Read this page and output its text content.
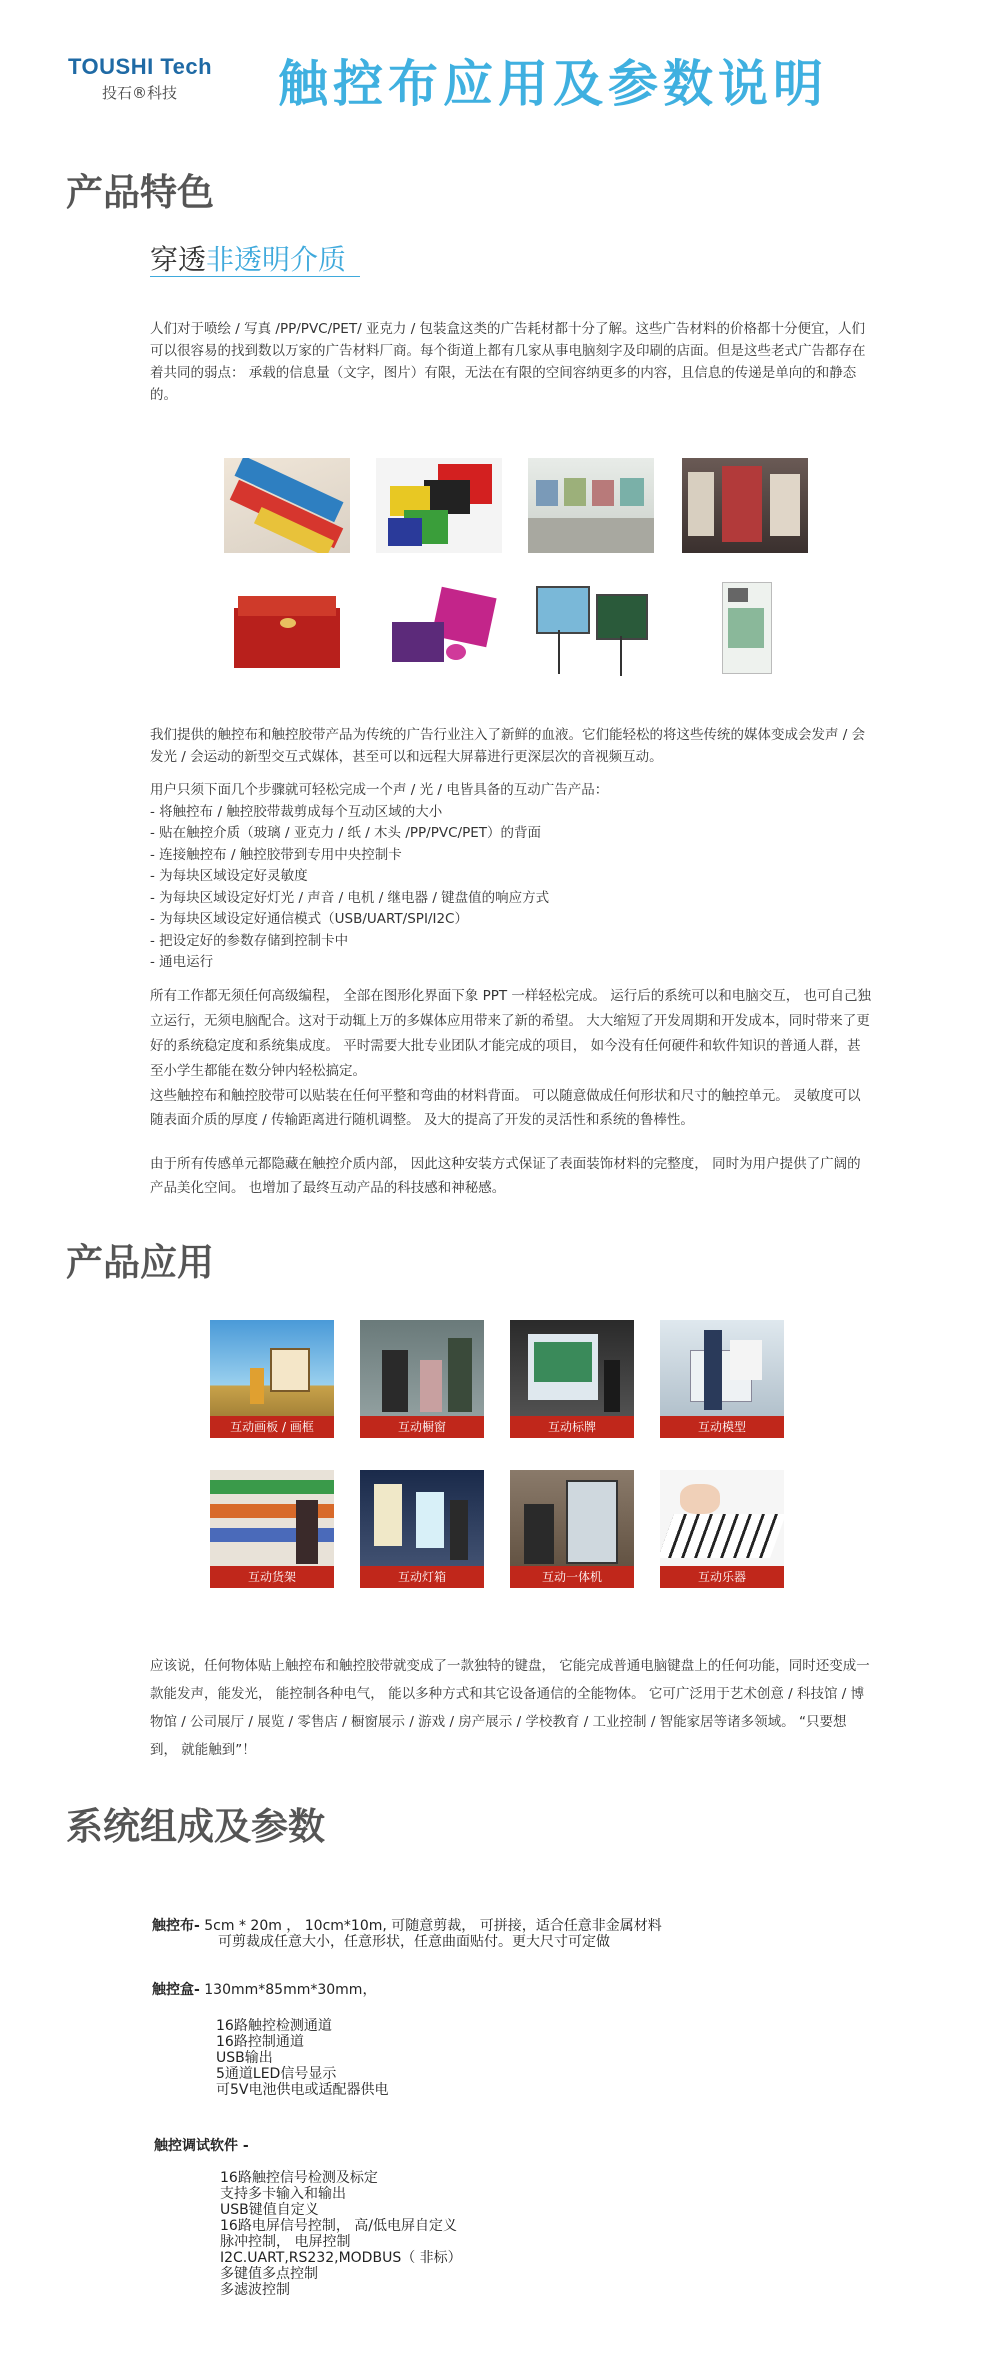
TOUSHI Tech
投石®科技 触控布应用及参数说明
产品特色
穿透非透明介质
人们对于喷绘 / 写真 /PP/PVC/PET/ 亚克力 / 包装盒这类的广告耗材都十分了解。这些广告材料的价格都十分便宜，人们可以很容易的找到数以万家的广告材料厂商。每个街道上都有几家从事电脑刻字及印刷的店面。但是这些老式广告都存在着共同的弱点： 承载的信息量（文字，图片）有限，无法在有限的空间容纳更多的内容，且信息的传递是单向的和静态的。
我们提供的触控布和触控胶带产品为传统的广告行业注入了新鲜的血液。它们能轻松的将这些传统的媒体变成会发声 / 会发光 / 会运动的新型交互式媒体，甚至可以和远程大屏幕进行更深层次的音视频互动。
用户只须下面几个步骤就可轻松完成一个声 / 光 / 电皆具备的互动广告产品：
- 将触控布 / 触控胶带裁剪成每个互动区域的大小
- 贴在触控介质（玻璃 / 亚克力 / 纸 / 木头 /PP/PVC/PET）的背面
- 连接触控布 / 触控胶带到专用中央控制卡
- 为每块区域设定好灵敏度
- 为每块区域设定好灯光 / 声音 / 电机 / 继电器 / 键盘值的响应方式
- 为每块区域设定好通信模式（USB/UART/SPI/I2C）
- 把设定好的参数存储到控制卡中
- 通电运行
所有工作都无须任何高级编程， 全部在图形化界面下象 PPT 一样轻松完成。 运行后的系统可以和电脑交互， 也可自己独立运行，无须电脑配合。这对于动辄上万的多媒体应用带来了新的希望。 大大缩短了开发周期和开发成本，同时带来了更好的系统稳定度和系统集成度。 平时需要大批专业团队才能完成的项目， 如今没有任何硬件和软件知识的普通人群，甚至小学生都能在数分钟内轻松搞定。
这些触控布和触控胶带可以贴装在任何平整和弯曲的材料背面。 可以随意做成任何形状和尺寸的触控单元。 灵敏度可以随表面介质的厚度 / 传输距离进行随机调整。 及大的提高了开发的灵活性和系统的鲁棒性。
由于所有传感单元都隐藏在触控介质内部， 因此这种安装方式保证了表面装饰材料的完整度， 同时为用户提供了广阔的产品美化空间。 也增加了最终互动产品的科技感和神秘感。
产品应用
互动画板 / 画框	互动橱窗	互动标牌	互动模型
互动货架	互动灯箱	互动一体机	互动乐器
应该说，任何物体贴上触控布和触控胶带就变成了一款独特的键盘， 它能完成普通电脑键盘上的任何功能，同时还变成一款能发声，能发光， 能控制各种电气， 能以多种方式和其它设备通信的全能物体。 它可广泛用于艺术创意 / 科技馆 / 博物馆 / 公司展厅 / 展览 / 零售店 / 橱窗展示 / 游戏 / 房产展示 / 学校教育 / 工业控制 / 智能家居等诸多领域。 “只要想到， 就能触到”！
系统组成及参数
触控布- 5cm * 20m ， 10cm*10m, 可随意剪裁， 可拼接，适合任意非金属材料
可剪裁成任意大小，任意形状，任意曲面贴付。更大尺寸可定做
触控盒- 130mm*85mm*30mm，
16路触控检测通道
16路控制通道
USB输出
5通道LED信号显示
可5V电池供电或适配器供电
触控调试软件 -
16路触控信号检测及标定
支持多卡输入和输出
USB键值自定义
16路电屏信号控制， 高/低电屏自定义
脉冲控制， 电屏控制
I2C.UART,RS232,MODBUS（ 非标）
多键值多点控制
多滤波控制
